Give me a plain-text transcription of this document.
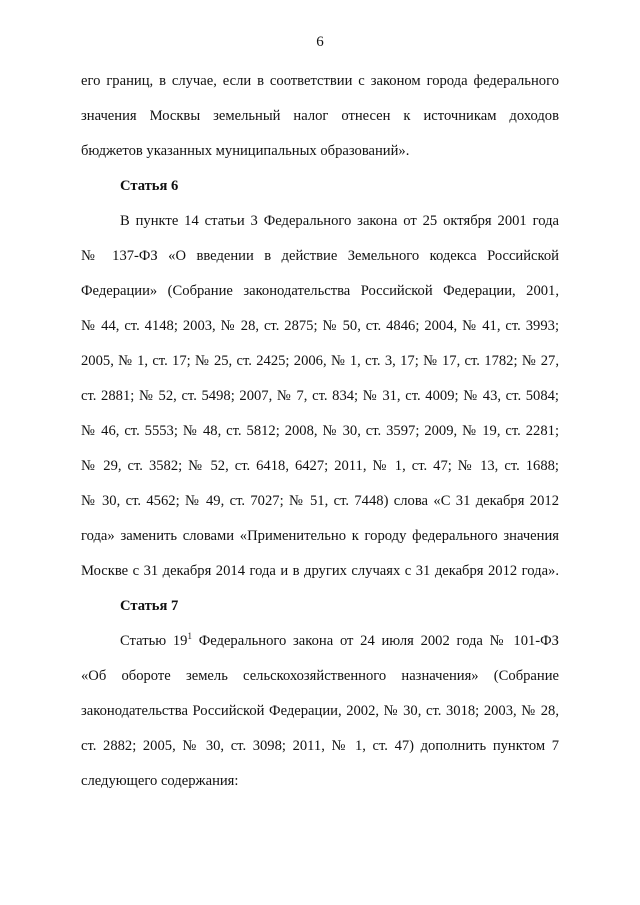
6
его границ, в случае, если в соответствии с законом города федерального
значения Москвы земельный налог отнесен к источникам доходов
бюджетов указанных муниципальных образований».
Статья 6
В пункте 14 статьи 3 Федерального закона от 25 октября 2001 года
№ 137-ФЗ «О введении в действие Земельного кодекса Российской
Федерации» (Собрание законодательства Российской Федерации, 2001,
№ 44, ст. 4148; 2003, № 28, ст. 2875; № 50, ст. 4846; 2004, № 41, ст. 3993;
2005, № 1, ст. 17; № 25, ст. 2425; 2006, № 1, ст. 3, 17; № 17, ст. 1782; № 27,
ст. 2881; № 52, ст. 5498; 2007, № 7, ст. 834; № 31, ст. 4009; № 43, ст. 5084;
№ 46, ст. 5553; № 48, ст. 5812; 2008, № 30, ст. 3597; 2009, № 19, ст. 2281;
№ 29, ст. 3582; № 52, ст. 6418, 6427; 2011, № 1, ст. 47; № 13, ст. 1688;
№ 30, ст. 4562; № 49, ст. 7027; № 51, ст. 7448) слова «С 31 декабря 2012
года» заменить словами «Применительно к городу федерального значения
Москве с 31 декабря 2014 года и в других случаях с 31 декабря 2012 года».
Статья 7
Статью $19^1$ Федерального закона от 24 июля 2002 года № 101-ФЗ
«Об обороте земель сельскохозяйственного назначения» (Собрание
законодательства Российской Федерации, 2002, № 30, ст. 3018; 2003, № 28,
ст. 2882; 2005, № 30, ст. 3098; 2011, № 1, ст. 47) дополнить пунктом 7
следующего содержания:
